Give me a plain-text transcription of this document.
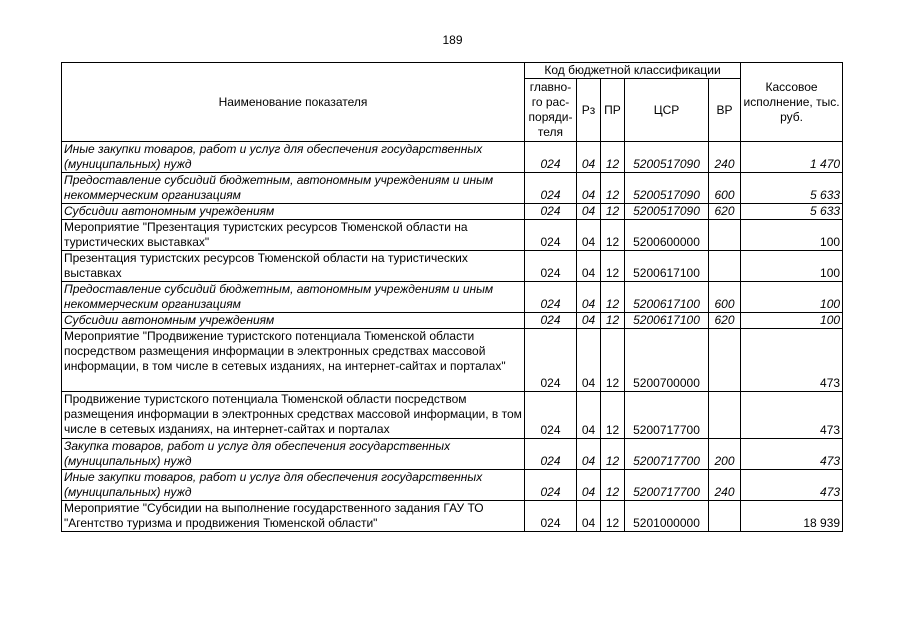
189
Наименование показателя	Код бюджетной классификации					Кассовое исполнение, тыс. руб.
	главно-го рас-поряди-теля	Рз	ПР	ЦСР	ВР	
Иные закупки товаров, работ и услуг для обеспечения государственных (муниципальных) нужд	024	04	12	5200517090	240	1 470
Предоставление субсидий бюджетным, автономным учреждениям и иным некоммерческим организациям	024	04	12	5200517090	600	5 633
Субсидии автономным учреждениям	024	04	12	5200517090	620	5 633
Мероприятие "Презентация туристских ресурсов Тюменской области на туристических выставках"	024	04	12	5200600000		100
Презентация туристских ресурсов Тюменской области на туристических выставках	024	04	12	5200617100		100
Предоставление субсидий бюджетным, автономным учреждениям и иным некоммерческим организациям	024	04	12	5200617100	600	100
Субсидии автономным учреждениям	024	04	12	5200617100	620	100
Мероприятие "Продвижение туристского потенциала Тюменской области посредством размещения информации в электронных средствах массовой информации, в том числе в сетевых изданиях, на интернет-сайтах и порталах"	024	04	12	5200700000		473
Продвижение туристского потенциала Тюменской области посредством размещения информации в электронных средствах массовой информации, в том числе в сетевых изданиях, на интернет-сайтах и порталах	024	04	12	5200717700		473
Закупка товаров, работ и услуг для обеспечения государственных (муниципальных) нужд	024	04	12	5200717700	200	473
Иные закупки товаров, работ и услуг для обеспечения государственных (муниципальных) нужд	024	04	12	5200717700	240	473
Мероприятие "Субсидии на выполнение государственного задания ГАУ ТО "Агентство туризма и продвижения Тюменской области"	024	04	12	5201000000		18 939
